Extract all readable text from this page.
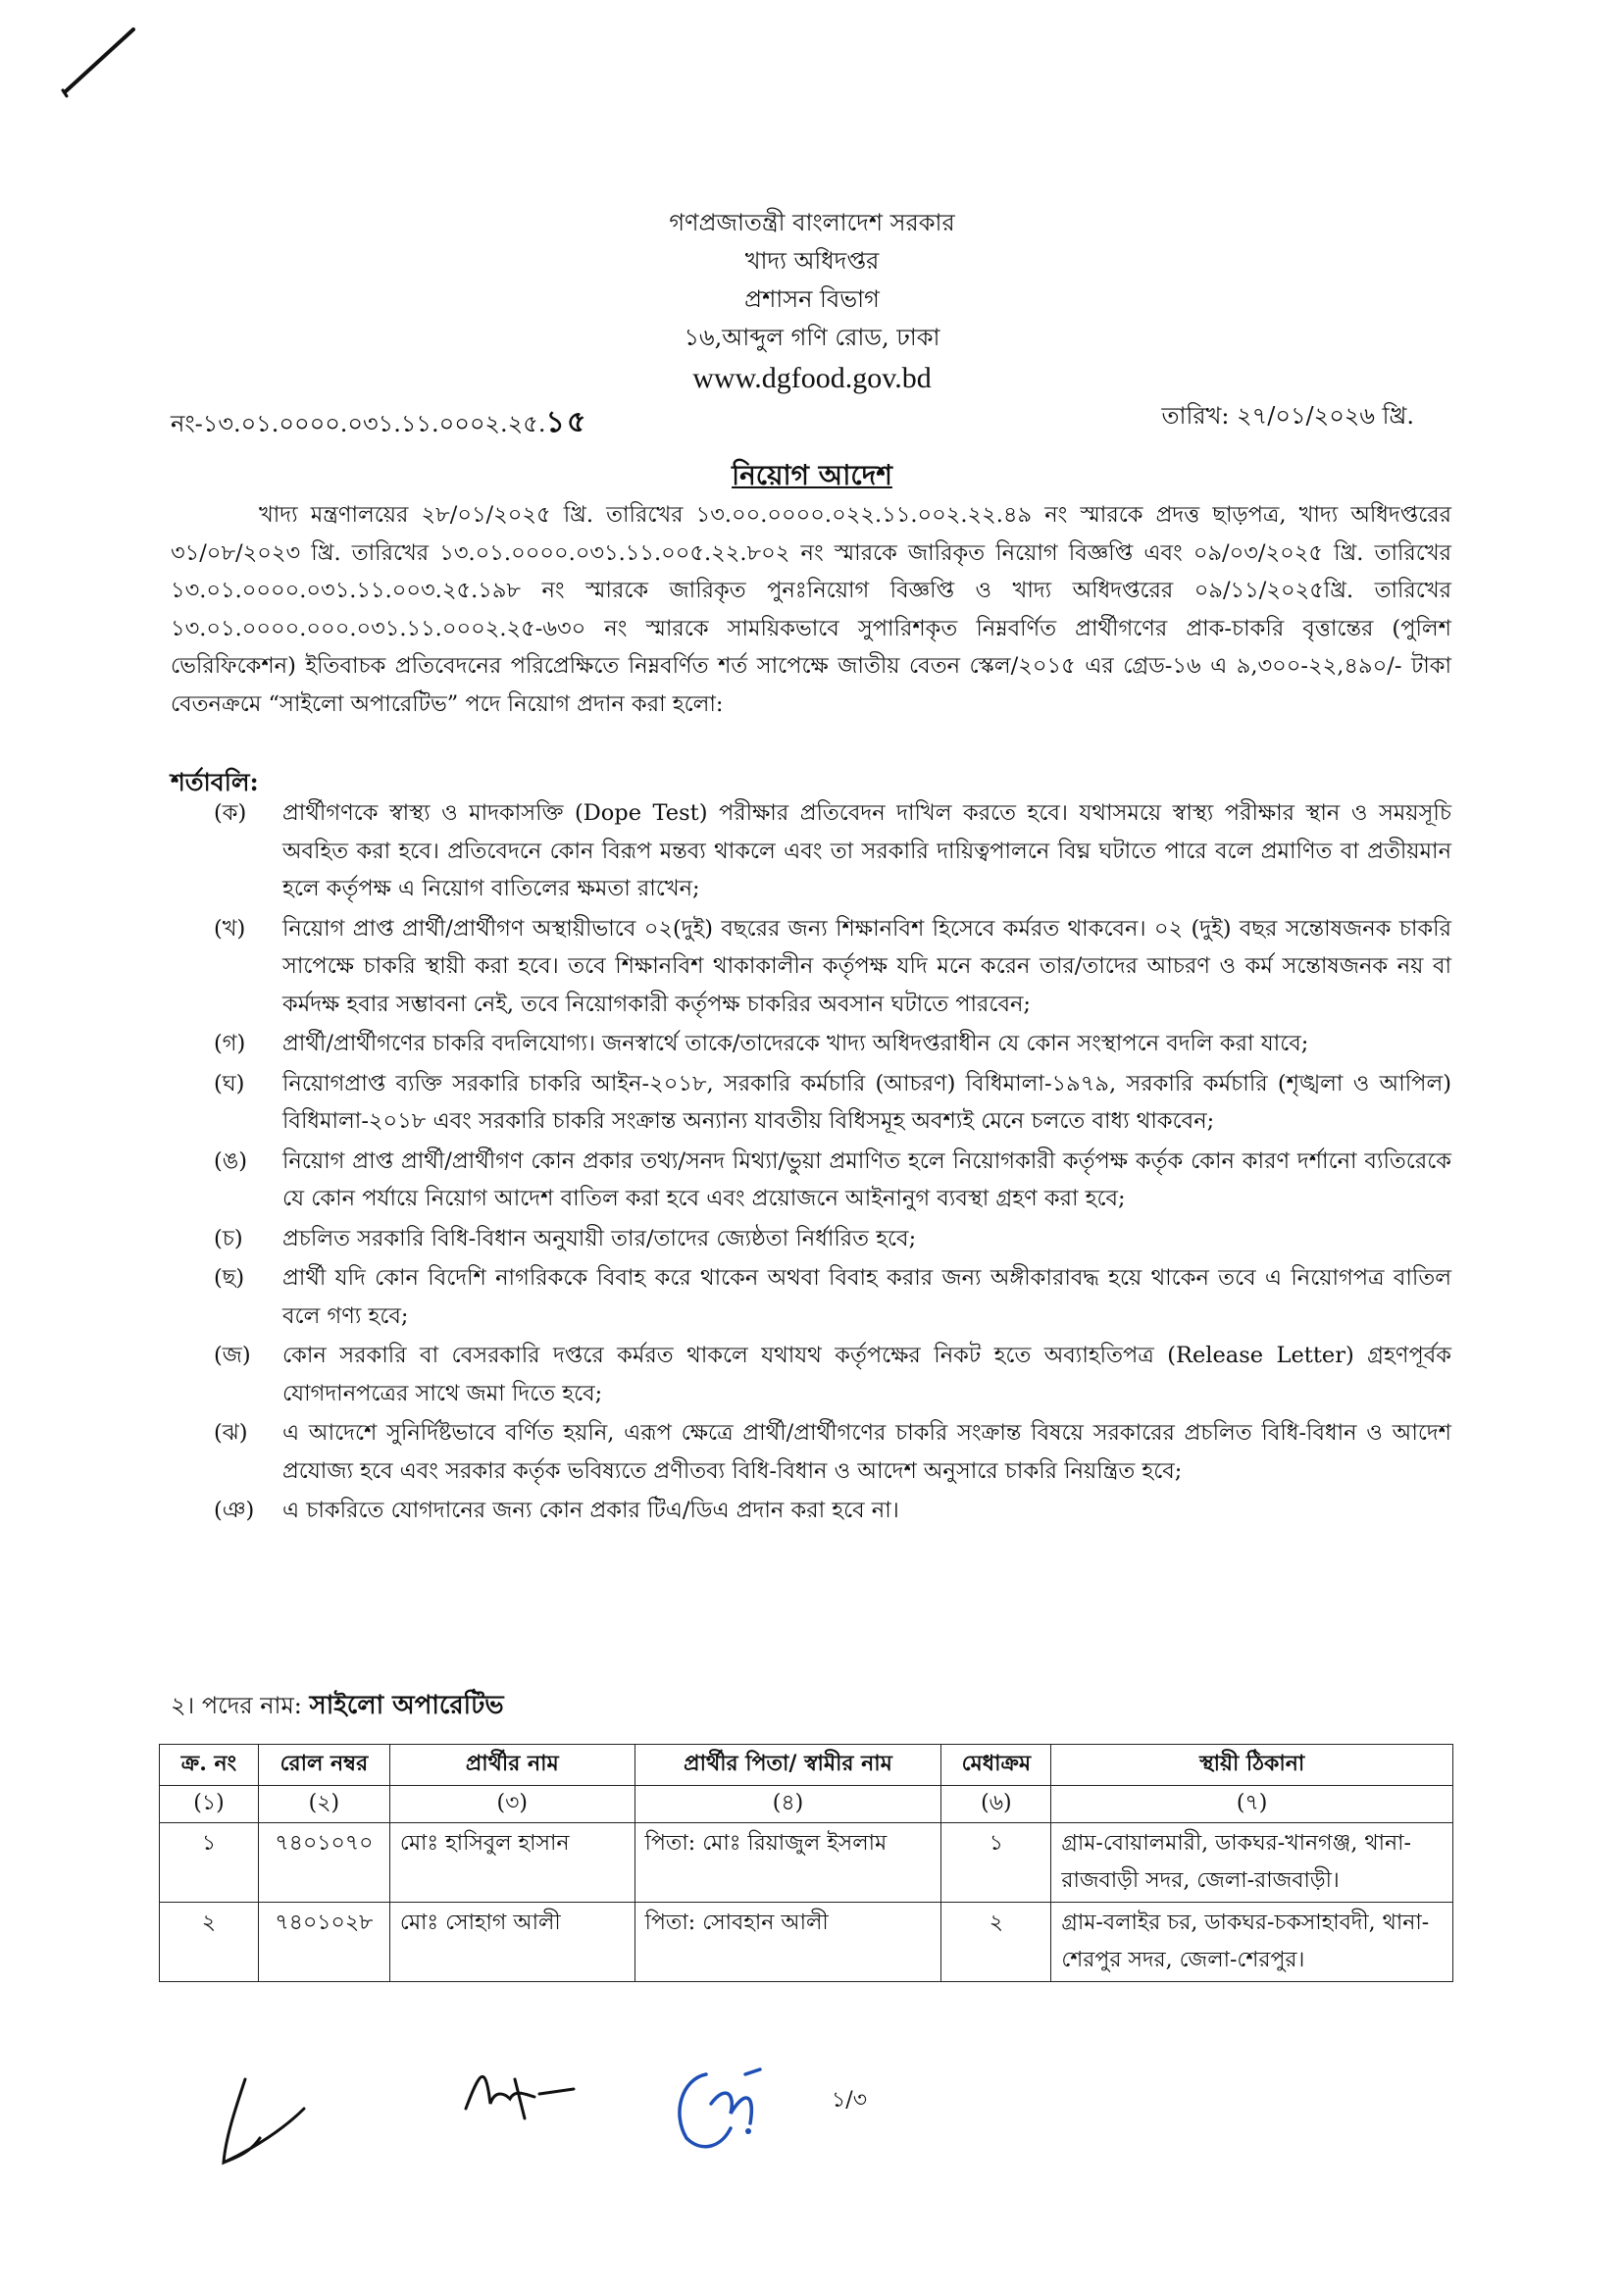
গণপ্রজাতন্ত্রী বাংলাদেশ সরকার
খাদ্য অধিদপ্তর
প্রশাসন বিভাগ
১৬,আব্দুল গণি রোড, ঢাকা
www.dgfood.gov.bd
নং-১৩.০১.০০০০.০৩১.১১.০০০২.২৫.১৫	তারিখ: ২৭/০১/২০২৬ খ্রি.
নিয়োগ আদেশ

খাদ্য মন্ত্রণালয়ের ২৮/০১/২০২৫ খ্রি. তারিখের ১৩.০০.০০০০.০২২.১১.০০২.২২.৪৯ নং স্মারকে প্রদত্ত ছাড়পত্র, খাদ্য অধিদপ্তরের ৩১/০৮/২০২৩ খ্রি. তারিখের ১৩.০১.০০০০.০৩১.১১.০০৫.২২.৮০২ নং স্মারকে জারিকৃত নিয়োগ বিজ্ঞপ্তি এবং ০৯/০৩/২০২৫ খ্রি. তারিখের ১৩.০১.০০০০.০৩১.১১.০০৩.২৫.১৯৮ নং স্মারকে জারিকৃত পুনঃনিয়োগ বিজ্ঞপ্তি ও খাদ্য অধিদপ্তরের ০৯/১১/২০২৫খ্রি. তারিখের ১৩.০১.০০০০.০০০.০৩১.১১.০০০২.২৫-৬৩০ নং স্মারকে সাময়িকভাবে সুপারিশকৃত নিম্নবর্ণিত প্রার্থীগণের প্রাক-চাকরি বৃত্তান্তের (পুলিশ ভেরিফিকেশন) ইতিবাচক প্রতিবেদনের পরিপ্রেক্ষিতে নিম্নবর্ণিত শর্ত সাপেক্ষে জাতীয় বেতন স্কেল/২০১৫ এর গ্রেড-১৬ এ ৯,৩০০-২২,৪৯০/- টাকা বেতনক্রমে “সাইলো অপারেটিভ” পদে নিয়োগ প্রদান করা হলো:

শর্তাবলি:
(ক)	প্রার্থীগণকে স্বাস্থ্য ও মাদকাসক্তি (Dope Test) পরীক্ষার প্রতিবেদন দাখিল করতে হবে। যথাসময়ে স্বাস্থ্য পরীক্ষার স্থান ও সময়সূচি অবহিত করা হবে। প্রতিবেদনে কোন বিরূপ মন্তব্য থাকলে এবং তা সরকারি দায়িত্বপালনে বিঘ্ন ঘটাতে পারে বলে প্রমাণিত বা প্রতীয়মান হলে কর্তৃপক্ষ এ নিয়োগ বাতিলের ক্ষমতা রাখেন;
(খ)	নিয়োগ প্রাপ্ত প্রার্থী/প্রার্থীগণ অস্থায়ীভাবে ০২(দুই) বছরের জন্য শিক্ষানবিশ হিসেবে কর্মরত থাকবেন। ০২ (দুই) বছর সন্তোষজনক চাকরি সাপেক্ষে চাকরি স্থায়ী করা হবে। তবে শিক্ষানবিশ থাকাকালীন কর্তৃপক্ষ যদি মনে করেন তার/তাদের আচরণ ও কর্ম সন্তোষজনক নয় বা কর্মদক্ষ হবার সম্ভাবনা নেই, তবে নিয়োগকারী কর্তৃপক্ষ চাকরির অবসান ঘটাতে পারবেন;
(গ)	প্রার্থী/প্রার্থীগণের চাকরি বদলিযোগ্য। জনস্বার্থে তাকে/তাদেরকে খাদ্য অধিদপ্তরাধীন যে কোন সংস্থাপনে বদলি করা যাবে;
(ঘ)	নিয়োগপ্রাপ্ত ব্যক্তি সরকারি চাকরি আইন-২০১৮, সরকারি কর্মচারি (আচরণ) বিধিমালা-১৯৭৯, সরকারি কর্মচারি (শৃঙ্খলা ও আপিল) বিধিমালা-২০১৮ এবং সরকারি চাকরি সংক্রান্ত অন্যান্য যাবতীয় বিধিসমূহ অবশ্যই মেনে চলতে বাধ্য থাকবেন;
(ঙ)	নিয়োগ প্রাপ্ত প্রার্থী/প্রার্থীগণ কোন প্রকার তথ্য/সনদ মিথ্যা/ভুয়া প্রমাণিত হলে নিয়োগকারী কর্তৃপক্ষ কর্তৃক কোন কারণ দর্শানো ব্যতিরেকে যে কোন পর্যায়ে নিয়োগ আদেশ বাতিল করা হবে এবং প্রয়োজনে আইনানুগ ব্যবস্থা গ্রহণ করা হবে;
(চ)	প্রচলিত সরকারি বিধি-বিধান অনুযায়ী তার/তাদের জ্যেষ্ঠতা নির্ধারিত হবে;
(ছ)	প্রার্থী যদি কোন বিদেশি নাগরিককে বিবাহ করে থাকেন অথবা বিবাহ করার জন্য অঙ্গীকারাবদ্ধ হয়ে থাকেন তবে এ নিয়োগপত্র বাতিল বলে গণ্য হবে;
(জ)	কোন সরকারি বা বেসরকারি দপ্তরে কর্মরত থাকলে যথাযথ কর্তৃপক্ষের নিকট হতে অব্যাহতিপত্র (Release Letter) গ্রহণপূর্বক যোগদানপত্রের সাথে জমা দিতে হবে;
(ঝ)	এ আদেশে সুনির্দিষ্টভাবে বর্ণিত হয়নি, এরূপ ক্ষেত্রে প্রার্থী/প্রার্থীগণের চাকরি সংক্রান্ত বিষয়ে সরকারের প্রচলিত বিধি-বিধান ও আদেশ প্রযোজ্য হবে এবং সরকার কর্তৃক ভবিষ্যতে প্রণীতব্য বিধি-বিধান ও আদেশ অনুসারে চাকরি নিয়ন্ত্রিত হবে;
(ঞ)	এ চাকরিতে যোগদানের জন্য কোন প্রকার টিএ/ডিএ প্রদান করা হবে না।
২। পদের নাম: সাইলো অপারেটিভ
ক্র. নং	রোল নম্বর	প্রার্থীর নাম	প্রার্থীর পিতা/ স্বামীর নাম	মেধাক্রম	স্থায়ী ঠিকানা
(১)	(২)	(৩)	(৪)	(৬)	(৭)
১	৭৪০১০৭০	মোঃ হাসিবুল হাসান	পিতা: মোঃ রিয়াজুল ইসলাম	১	গ্রাম-বোয়ালমারী, ডাকঘর-খানগঞ্জ, থানা-রাজবাড়ী সদর, জেলা-রাজবাড়ী।
২	৭৪০১০২৮	মোঃ সোহাগ আলী	পিতা: সোবহান আলী	২	গ্রাম-বলাইর চর, ডাকঘর-চকসাহাবদী, থানা-শেরপুর সদর, জেলা-শেরপুর।
১/৩
